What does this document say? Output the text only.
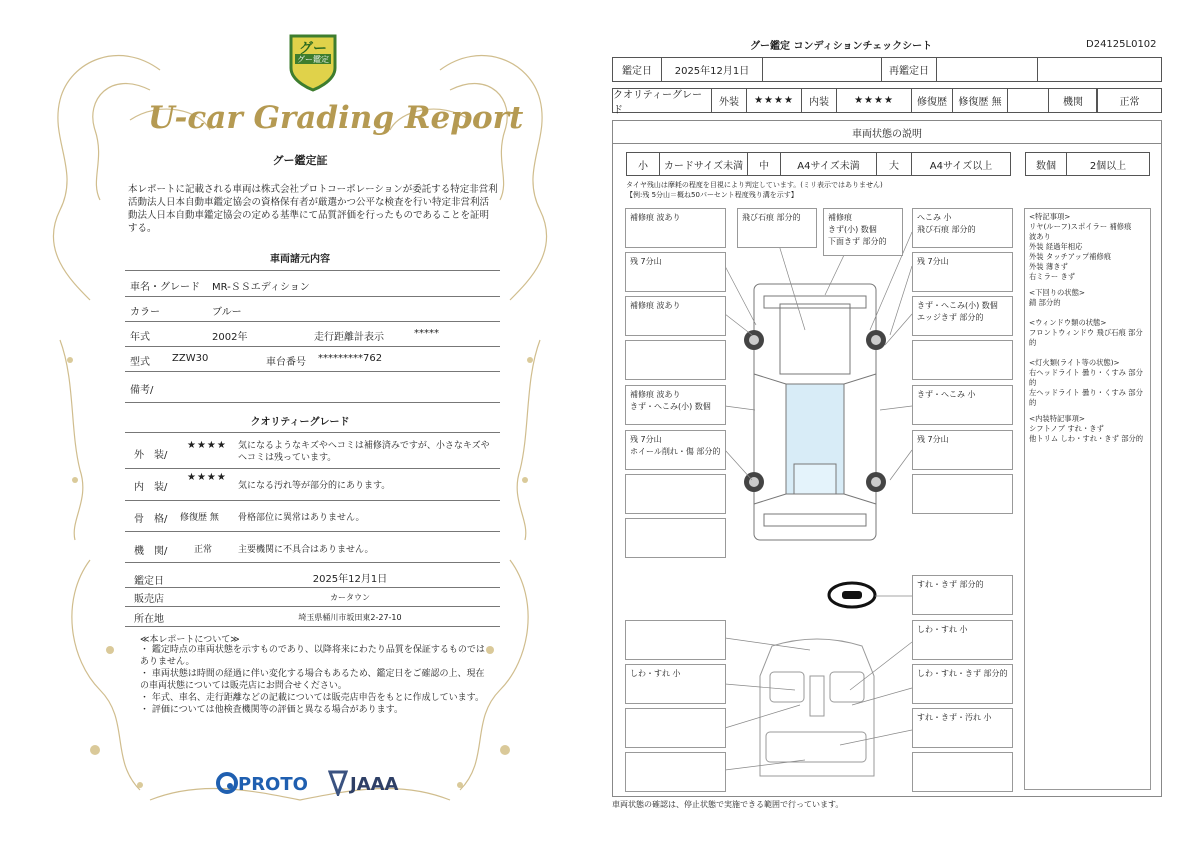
グー
グー鑑定
U-car Grading Report
グー鑑定証
本レポートに記載される車両は株式会社プロトコーポレーションが委託する特定非営利活動法人日本自動車鑑定協会の資格保有者が厳選かつ公平な検査を行い特定非営利活動法人日本自動車鑑定協会の定める基準にて品質評価を行ったものであることを証明する。
車両諸元内容
車名・グレード MR-ＳＳエディション
カラー	ブルー
年式	2002年	走行距離計表示	*****
型式 ZZW30	車台番号 *********762
備考/
クオリティーグレード
外　装/
★★★★ 気になるようなキズやヘコミは補修済みですが、小さなキズやヘコミは残っています。
内　装/
★★★★
気になる汚れ等が部分的にあります。
骨　格/ 修復歴 無 骨格部位に異常はありません。
機　関/	正常	主要機関に不具合はありません。
鑑定日	2025年12月1日
販売店	カータウン
所在地	埼玉県桶川市坂田東2-27-10
≪本レポートについて≫
・ 鑑定時点の車両状態を示すものであり、以降将来にわたり品質を保証するものではありません。
・ 車両状態は時間の経過に伴い変化する場合もあるため、鑑定日をご確認の上、現在の車両状態については販売店にお問合せください。
・ 年式、車名、走行距離などの記載については販売店申告をもとに作成しています。
・ 評価については他検査機関等の評価と異なる場合があります。
PROTO JAAA
グー鑑定 コンディションチェックシート	D24125L0102
鑑定日	2025年12月1日	再鑑定日
クオリティーグレード
外装	★★★★	内装	★★★★	修復歴	修復歴 無	機関	正常
車両状態の説明
小	カードサイズ未満	中	A4サイズ未満	大	A4サイズ以上	数個	2個以上
タイヤ残山は摩耗の程度を目視により判定しています。(ミリ表示ではありません)
【例:残 5分山＝概ね50パーセント程度残り溝を示す】
補修痕 波あり
残 7分山
補修痕 波あり
補修痕 波あり
きず・へこみ(小) 数個
残 7分山
ホイール削れ・傷 部分的
飛び石痕 部分的	補修痕
きず(小) 数個
下面きず 部分的
へこみ 小
飛び石痕 部分的
残 7分山
きず・へこみ(小) 数個
エッジきず 部分的
きず・へこみ 小
残 7分山
しわ・すれ 小
すれ・きず 部分的
しわ・すれ 小
しわ・すれ・きず 部分的
すれ・きず・汚れ 小
<特記事項>
リヤ(ルーフ)スポイラー 補修痕
波あり
外装 経過年相応
外装 タッチアップ補修痕
外装 薄きず
右ミラー きず
<下回りの状態>
錆 部分的
<ウィンドウ類の状態>
フロントウィンドウ 飛び石痕 部分的
<灯火類(ライト等の状態)>
右ヘッドライト 曇り・くすみ 部分的
左ヘッドライト 曇り・くすみ 部分的
<内装特記事項>
シフトノブ すれ・きず
他トリム しわ・すれ・きず 部分的
車両状態の確認は、停止状態で実施できる範囲で行っています。
